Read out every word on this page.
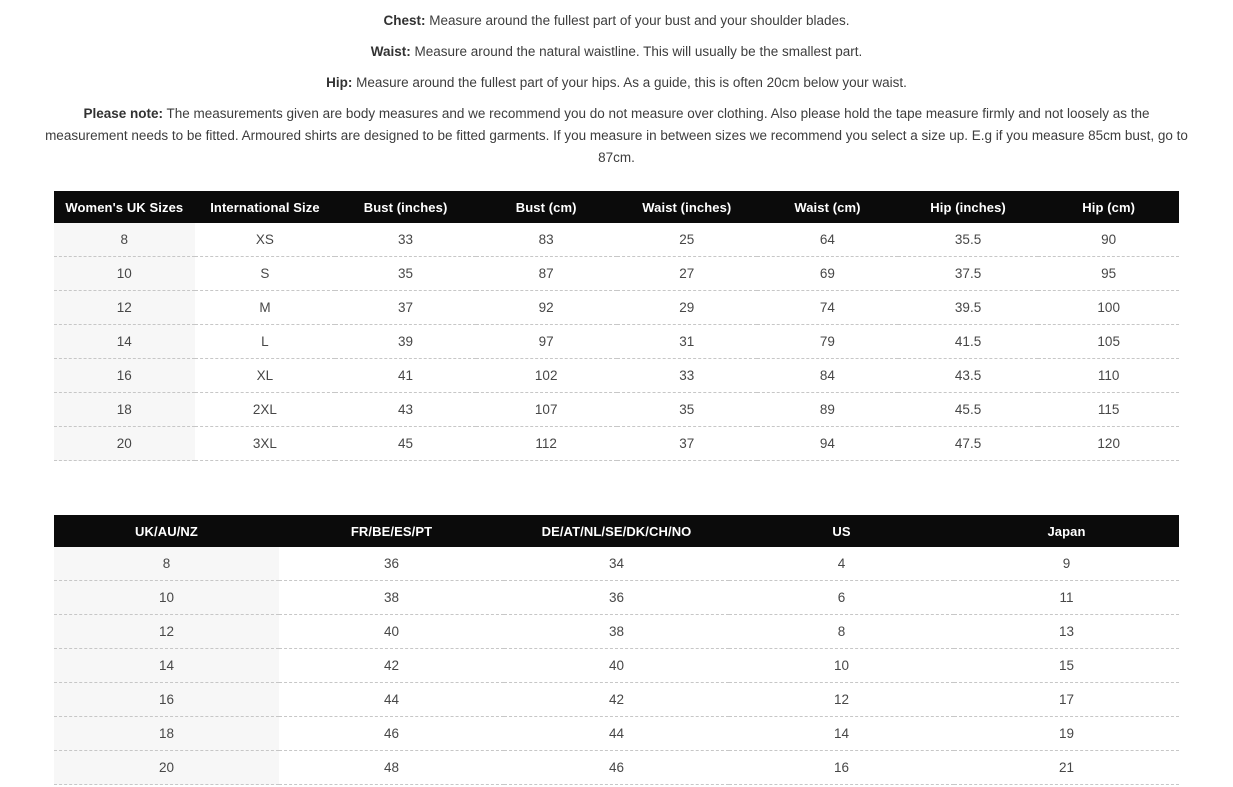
Chest: Measure around the fullest part of your bust and your shoulder blades.

Waist: Measure around the natural waistline. This will usually be the smallest part.

Hip: Measure around the fullest part of your hips. As a guide, this is often 20cm below your waist.

Please note: The measurements given are body measures and we recommend you do not measure over clothing. Also please hold the tape measure firmly and not loosely as the measurement needs to be fitted. Armoured shirts are designed to be fitted garments. If you measure in between sizes we recommend you select a size up. E.g if you measure 85cm bust, go to 87cm.

Women's UK Sizes	International Size	Bust (inches)	Bust (cm)	Waist (inches)	Waist (cm)	Hip (inches)	Hip (cm)
8	XS	33	83	25	64	35.5	90
10	S	35	87	27	69	37.5	95
12	M	37	92	29	74	39.5	100
14	L	39	97	31	79	41.5	105
16	XL	41	102	33	84	43.5	110
18	2XL	43	107	35	89	45.5	115
20	3XL	45	112	37	94	47.5	120
UK/AU/NZ	FR/BE/ES/PT	DE/AT/NL/SE/DK/CH/NO	US	Japan
8	36	34	4	9
10	38	36	6	11
12	40	38	8	13
14	42	40	10	15
16	44	42	12	17
18	46	44	14	19
20	48	46	16	21
